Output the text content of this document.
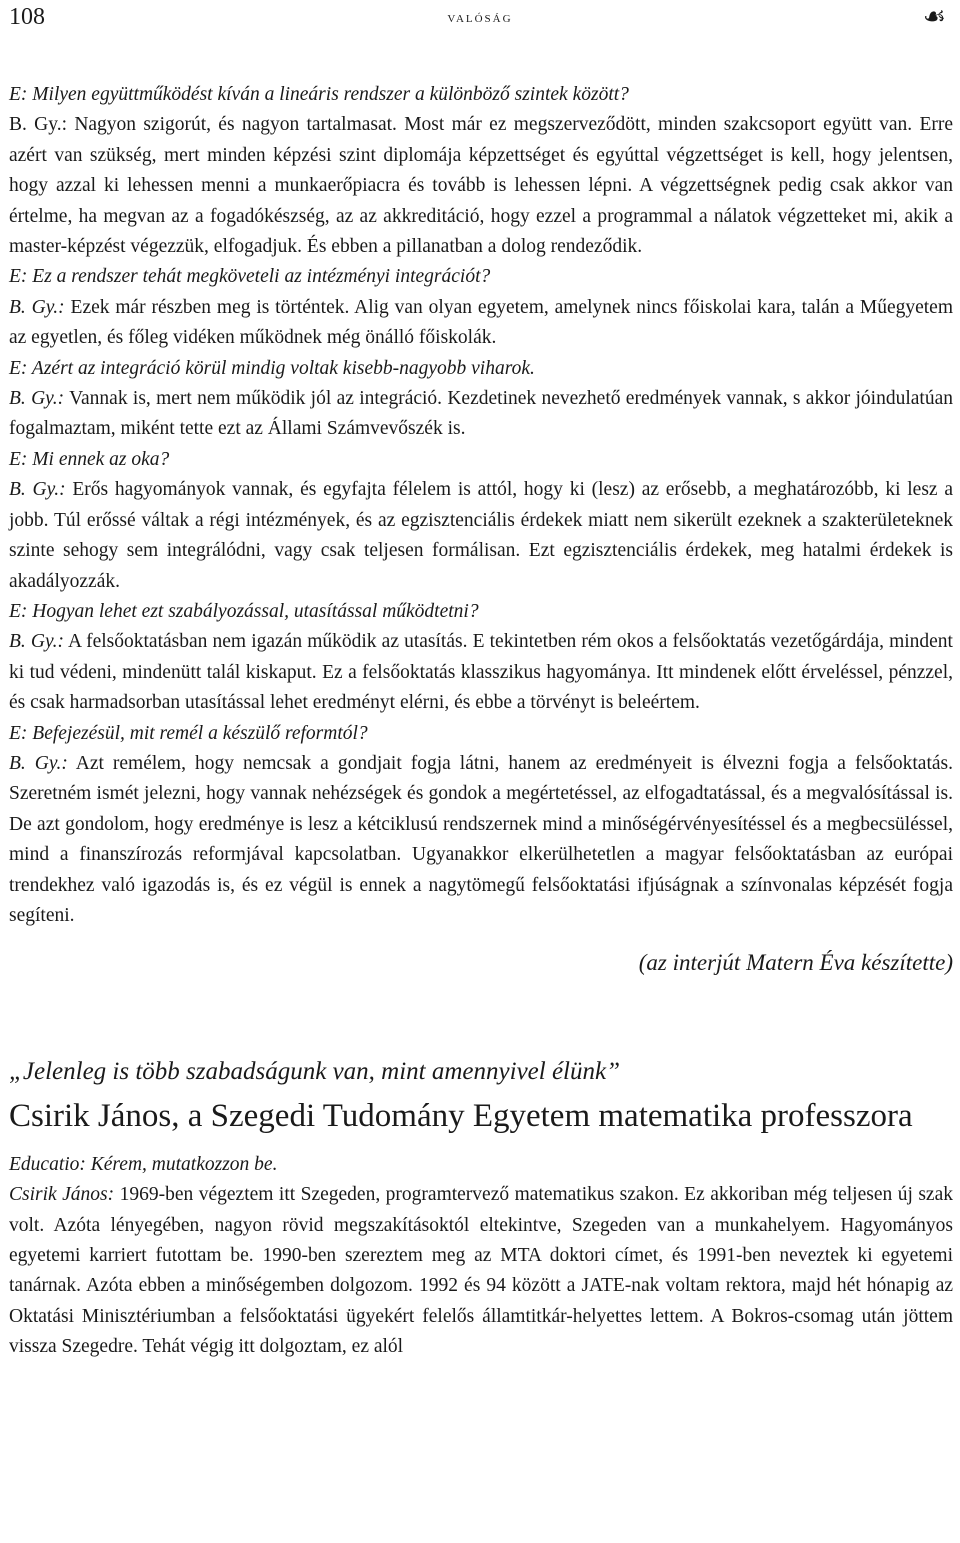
108	valóság	☙

E: Milyen együttműködést kíván a lineáris rendszer a különböző szintek között?

B. Gy.: Nagyon szigorút, és nagyon tartalmasat. Most már ez megszerveződött, minden szakcsoport együtt van. Erre azért van szükség, mert minden képzési szint diplomája képzettséget és egyúttal végzettséget is kell, hogy jelentsen, hogy azzal ki lehessen menni a munkaerőpiacra és tovább is lehessen lépni. A végzettségnek pedig csak akkor van értelme, ha megvan az a fogadókészség, az az akkreditáció, hogy ezzel a programmal a nálatok végzetteket mi, akik a master-képzést végezzük, elfogadjuk. És ebben a pillanatban a dolog rendeződik.

E: Ez a rendszer tehát megköveteli az intézményi integrációt?

B. Gy.: Ezek már részben meg is történtek. Alig van olyan egyetem, amelynek nincs főiskolai kara, talán a Műegyetem az egyetlen, és főleg vidéken működnek még önálló főiskolák.

E: Azért az integráció körül mindig voltak kisebb-nagyobb viharok.

B. Gy.: Vannak is, mert nem működik jól az integráció. Kezdetinek nevezhető eredmények vannak, s akkor jóindulatúan fogalmaztam, miként tette ezt az Állami Számvevőszék is.

E: Mi ennek az oka?

B. Gy.: Erős hagyományok vannak, és egyfajta félelem is attól, hogy ki (lesz) az erősebb, a meghatározóbb, ki lesz a jobb. Túl erőssé váltak a régi intézmények, és az egzisztenciális érdekek miatt nem sikerült ezeknek a szakterületeknek szinte sehogy sem integrálódni, vagy csak teljesen formálisan. Ezt egzisztenciális érdekek, meg hatalmi érdekek is akadályozzák.

E: Hogyan lehet ezt szabályozással, utasítással működtetni?

B. Gy.: A felsőoktatásban nem igazán működik az utasítás. E tekintetben rém okos a felsőoktatás vezetőgárdája, mindent ki tud védeni, mindenütt talál kiskaput. Ez a felsőoktatás klasszikus hagyománya. Itt mindenek előtt érveléssel, pénzzel, és csak harmadsorban utasítással lehet eredményt elérni, és ebbe a törvényt is beleértem.

E: Befejezésül, mit remél a készülő reformtól?

B. Gy.: Azt remélem, hogy nemcsak a gondjait fogja látni, hanem az eredményeit is élvezni fogja a felsőoktatás. Szeretném ismét jelezni, hogy vannak nehézségek és gondok a megértetéssel, az elfogadtatással, és a megvalósítással is. De azt gondolom, hogy eredménye is lesz a kétciklusú rendszernek mind a minőségérvényesítéssel és a megbecsüléssel, mind a finanszírozás reformjával kapcsolatban. Ugyanakkor elkerülhetetlen a magyar felsőoktatásban az európai trendekhez való igazodás is, és ez végül is ennek a nagytömegű felsőoktatási ifjúságnak a színvonalas képzését fogja segíteni.

(az interjút Matern Éva készítette)

„Jelenleg is több szabadságunk van, mint amennyivel élünk”

Csirik János, a Szegedi Tudomány Egyetem matematika professzora

Educatio: Kérem, mutatkozzon be.

Csirik János: 1969-ben végeztem itt Szegeden, programtervező matematikus szakon. Ez akkoriban még teljesen új szak volt. Azóta lényegében, nagyon rövid megszakításoktól eltekintve, Szegeden van a munkahelyem. Hagyományos egyetemi karriert futottam be. 1990-ben szereztem meg az MTA doktori címet, és 1991-ben neveztek ki egyetemi tanárnak. Azóta ebben a minőségemben dolgozom. 1992 és 94 között a JATE-nak voltam rektora, majd hét hónapig az Oktatási Minisztériumban a felsőoktatási ügyekért felelős államtitkár-helyettes lettem. A Bokros-csomag után jöttem vissza Szegedre. Tehát végig itt dolgoztam, ez alól
